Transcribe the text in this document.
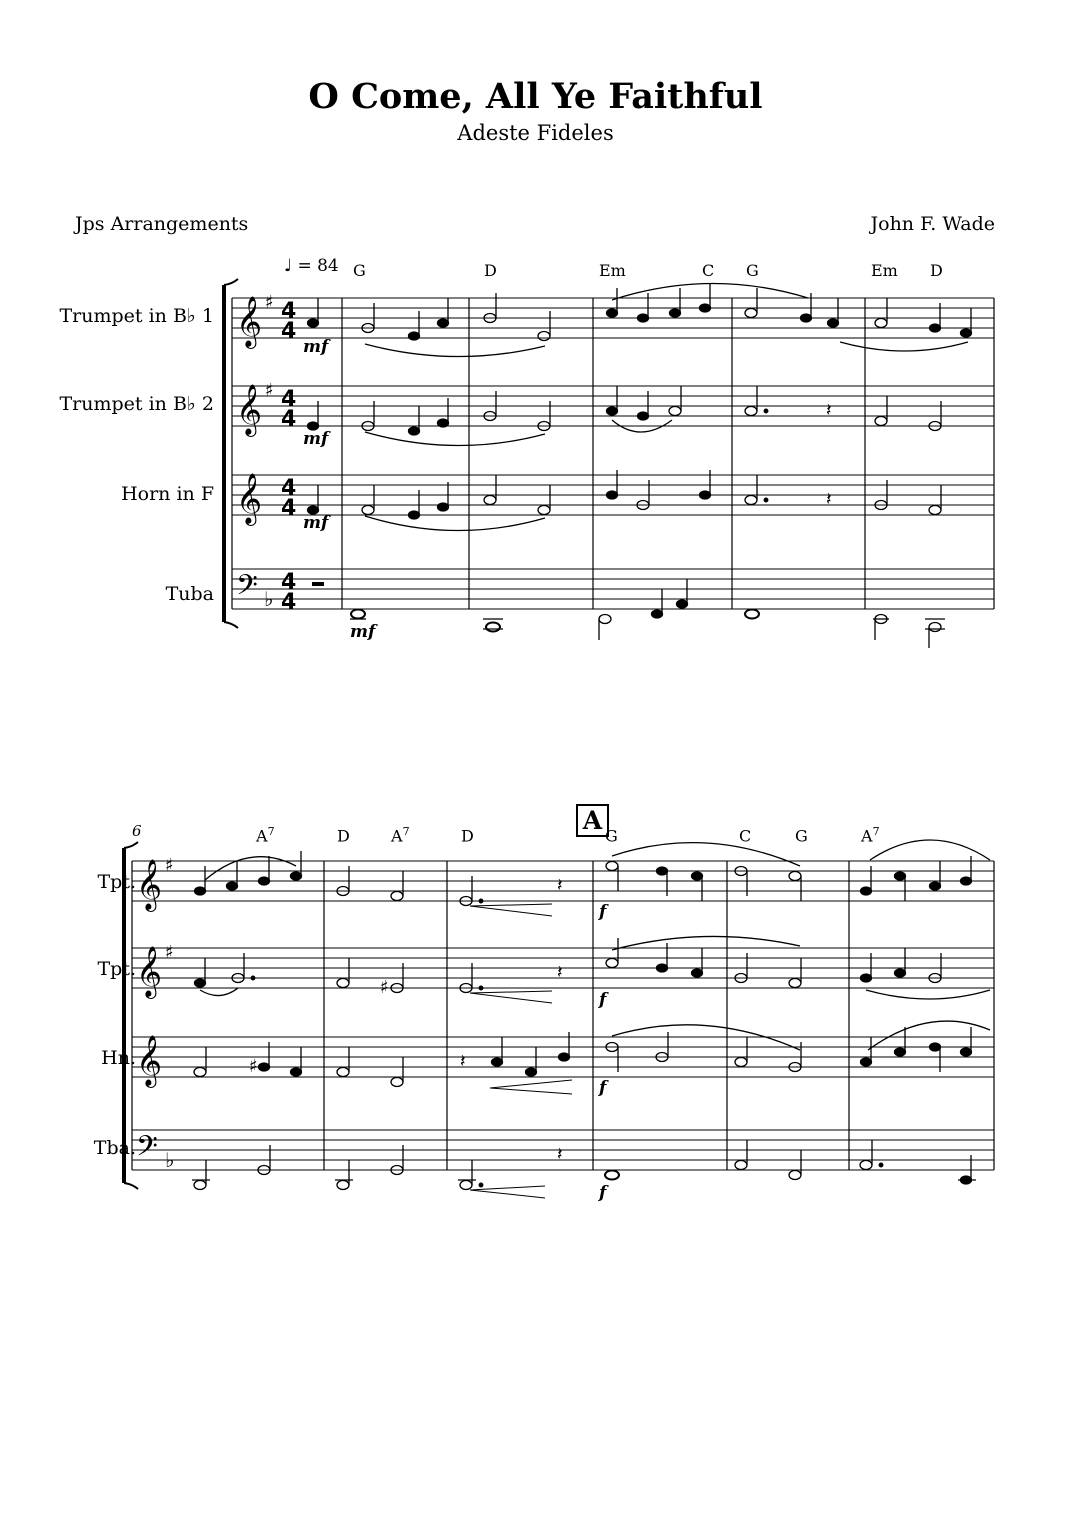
O Come, All Ye Faithful
Adeste Fideles
Jps Arrangements	John F. Wade
Trumpet in B♭ 1
Trumpet in B♭ 2
Horn in F
Tuba
♩ = 84 G	D	Em	C G	Em D
6	A
Tpt.
Tpt.
Hn.
Tba.
$A^7$	D	$A^7$	D	G	C	G	$A^7$
𝄞
𝄞
𝄞
𝄢
♯
♯
♭
4
4
4
4
4
4
4
4
𝄽
𝄽
mf
mf
mf
mf
𝄞
𝄞
𝄞
𝄢
♯
♯
♭
𝄽
♯
𝄽
♯	𝄽
𝄽
f
f
f
f
